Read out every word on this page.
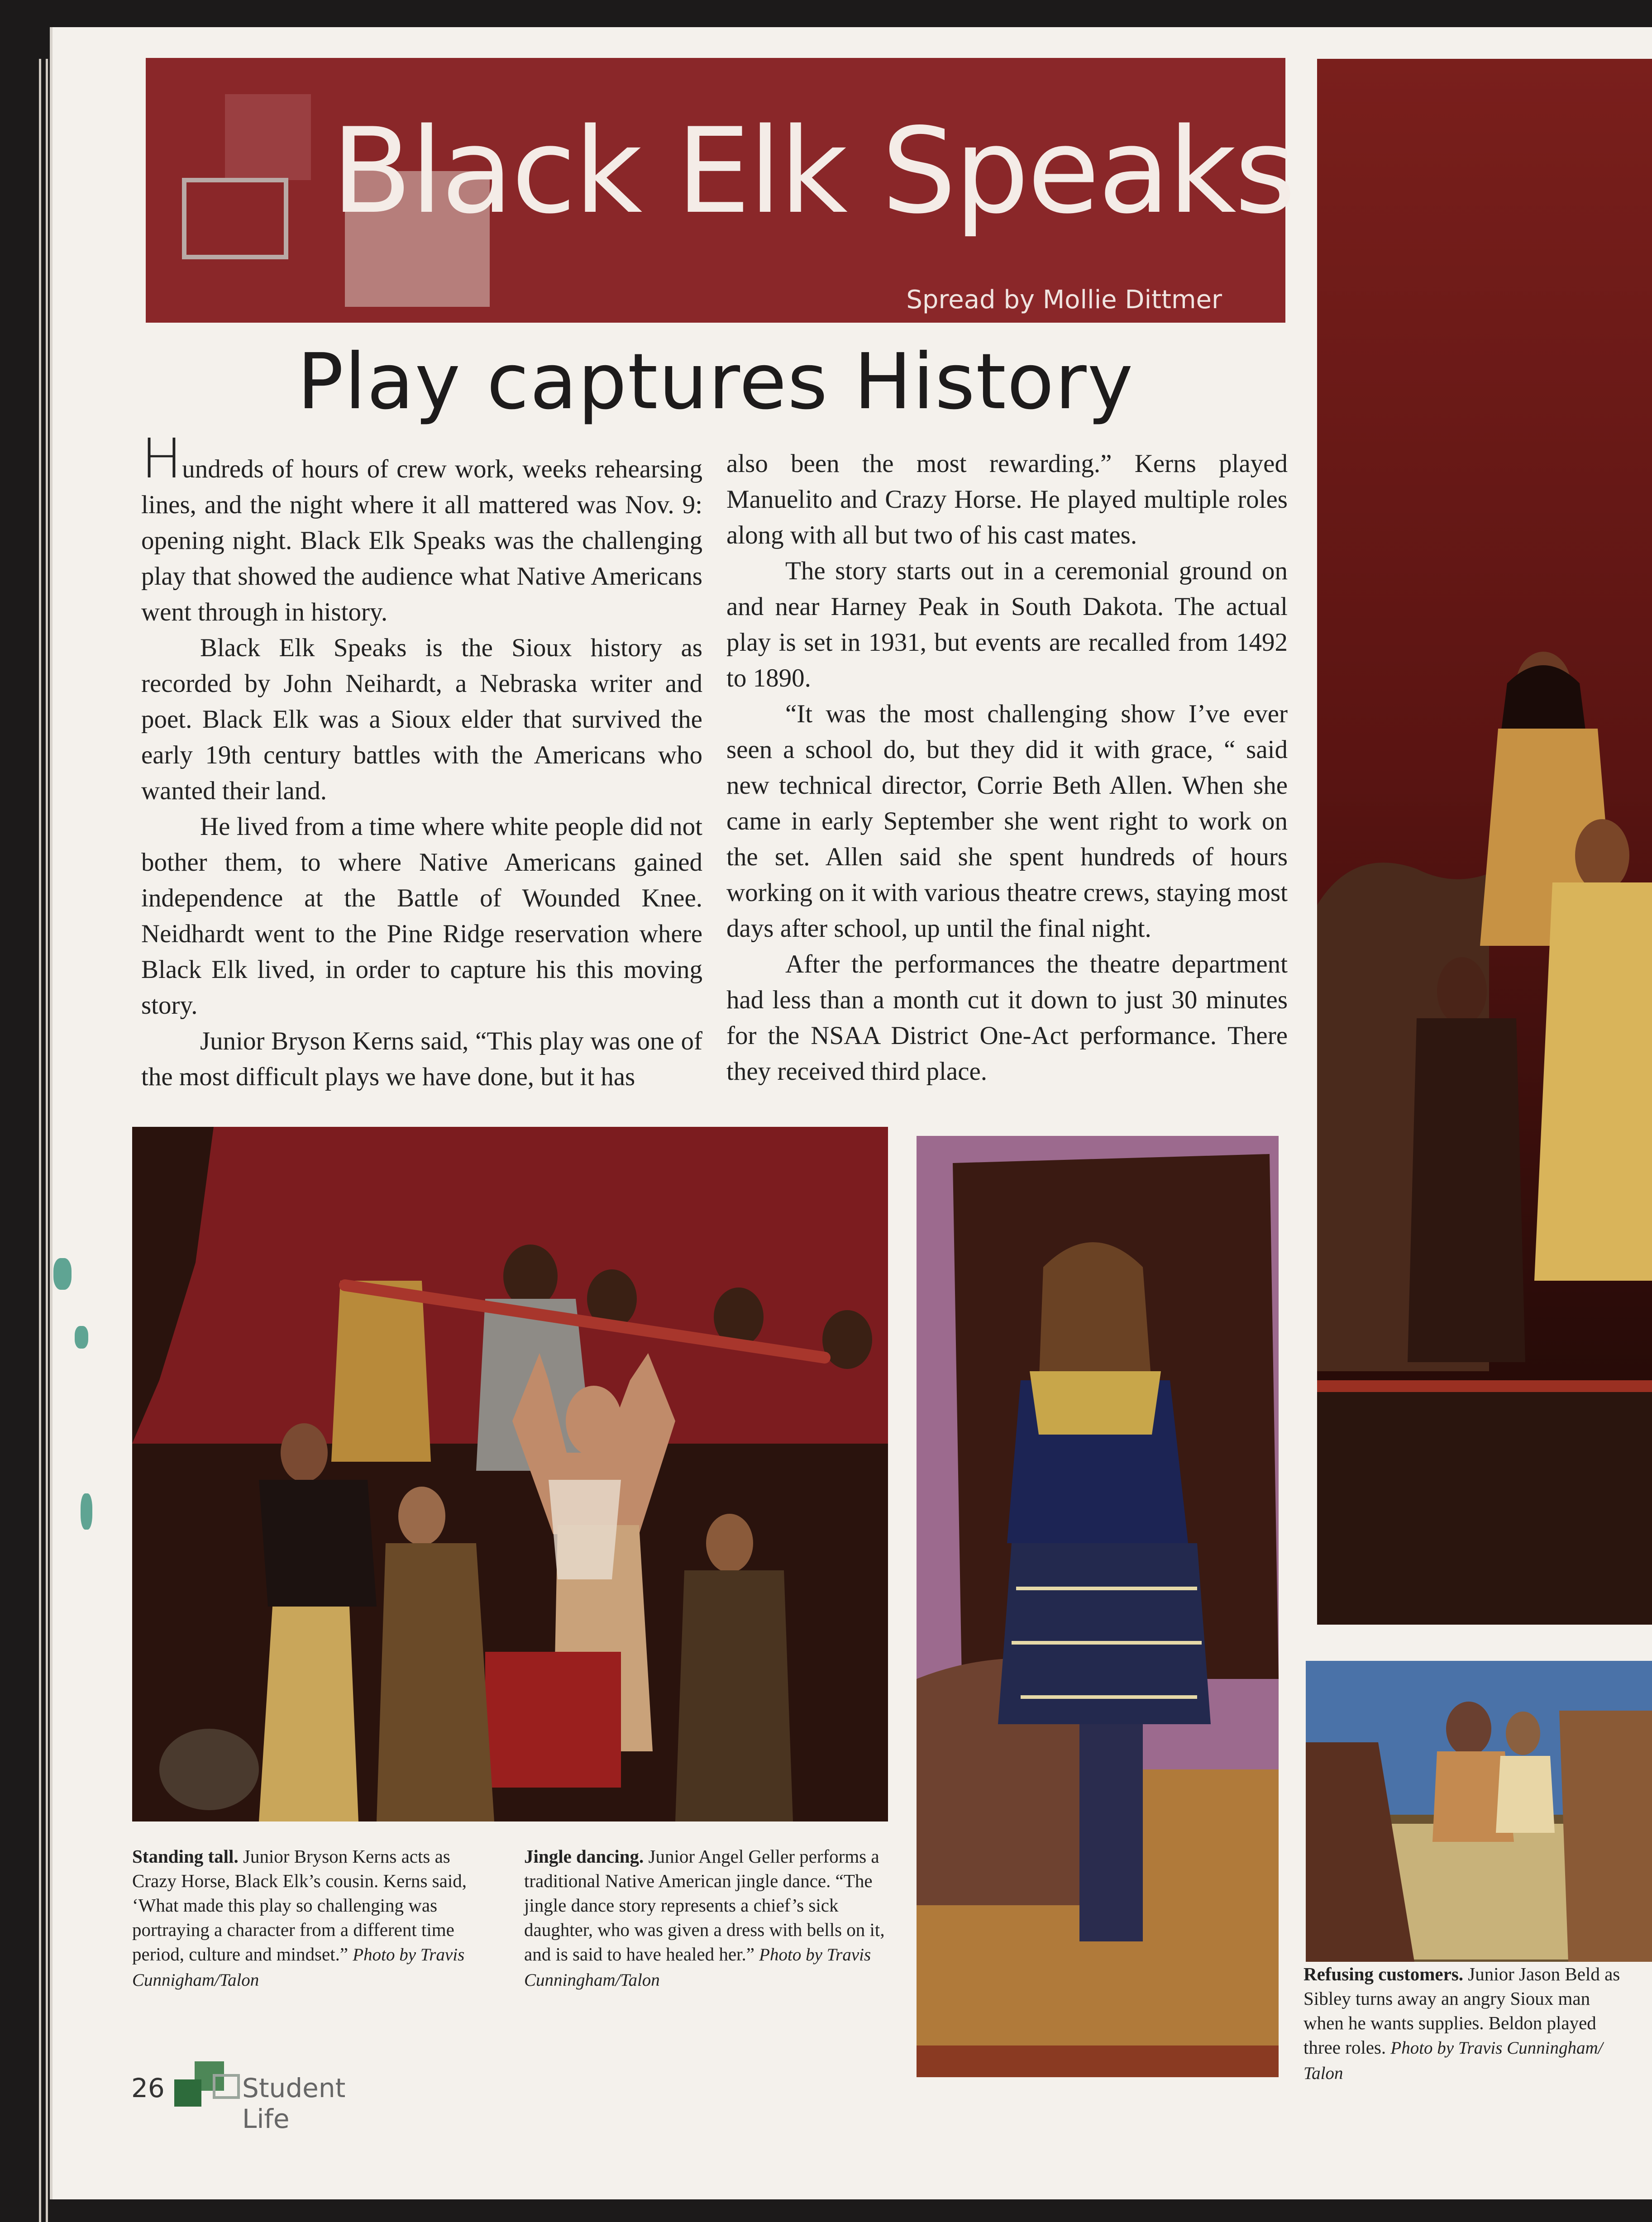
Black Elk Speaks
Spread by Mollie Dittmer
Play captures History

Hundreds of hours of crew work, weeks rehearsing lines, and the night where it all mattered was Nov. 9: opening night. Black Elk Speaks was the challenging play that showed the audience what Native Americans went through in history.

Black Elk Speaks is the Sioux history as recorded by John Neihardt, a Nebraska writer and poet. Black Elk was a Sioux elder that survived the early 19th century battles with the Americans who wanted their land.

He lived from a time where white people did not bother them, to where Native Americans gained independence at the Battle of Wounded Knee. Neidhardt went to the Pine Ridge reservation where Black Elk lived, in order to capture his this moving story.

Junior Bryson Kerns said, “This play was one of the most difficult plays we have done, but it has

also been the most rewarding.” Kerns played Manuelito and Crazy Horse. He played multiple roles along with all but two of his cast mates.

The story starts out in a ceremonial ground on and near Harney Peak in South Dakota. The actual play is set in 1931, but events are recalled from 1492 to 1890.

“It was the most challenging show I’ve ever seen a school do, but they did it with grace, “ said new technical director, Corrie Beth Allen. When she came in early September she went right to work on the set. Allen said she spent hundreds of hours working on it with various theatre crews, staying most days after school, up until the final night.

After the performances the theatre department had less than a month cut it down to just 30 minutes for the NSAA District One-Act performance. There they received third place.

Standing tall. Junior Bryson Kerns acts as Crazy Horse, Black Elk’s cousin. Kerns said, ‘What made this play so challenging was portraying a character from a different time period, culture and mindset.” Photo by Travis Cunnigham/Talon
Jingle dancing. Junior Angel Geller performs a traditional Native American jingle dance. “The jingle dance story represents a chief’s sick daughter, who was given a dress with bells on it, and is said to have healed her.” Photo by Travis Cunningham/Talon	Refusing customers. Junior Jason Beld as Sibley turns away an angry Sioux man when he wants supplies. Beldon played three roles. Photo by Travis Cunningham/ Talon
26	Student Life
